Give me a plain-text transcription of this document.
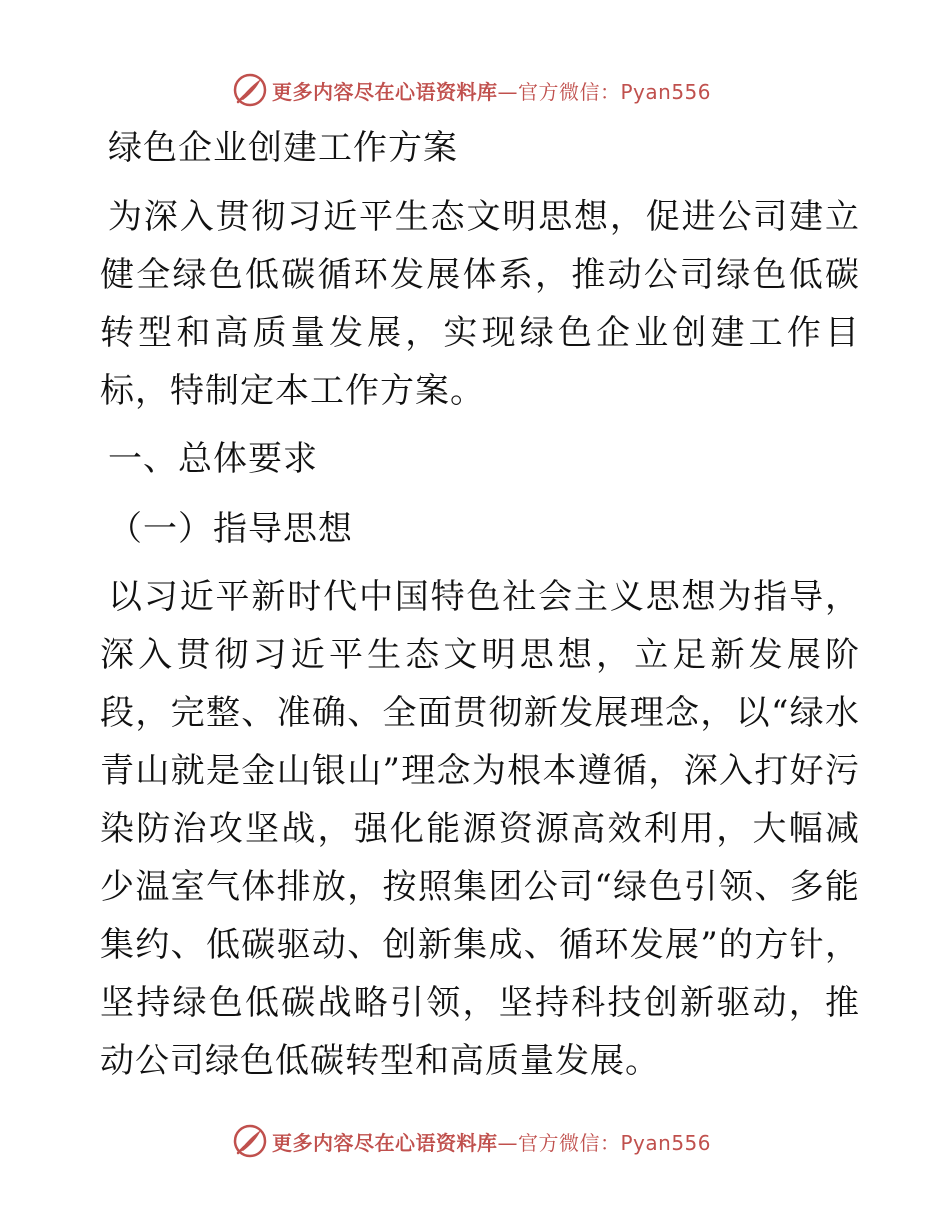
更多内容尽在心语资料库—官方微信：Pyan556
绿色企业创建工作方案

为深入贯彻习近平生态文明思想，促进公司建立健全绿色低碳循环发展体系，推动公司绿色低碳转型和高质量发展，实现绿色企业创建工作目标，特制定本工作方案。

一、总体要求
（一）指导思想

以习近平新时代中国特色社会主义思想为指导，深入贯彻习近平生态文明思想，立足新发展阶段，完整、准确、全面贯彻新发展理念，以“绿水青山就是金山银山”理念为根本遵循，深入打好污染防治攻坚战，强化能源资源高效利用，大幅减少温室气体排放，按照集团公司“绿色引领、多能集约、低碳驱动、创新集成、循环发展”的方针，坚持绿色低碳战略引领，坚持科技创新驱动，推动公司绿色低碳转型和高质量发展。

更多内容尽在心语资料库—官方微信：Pyan556
